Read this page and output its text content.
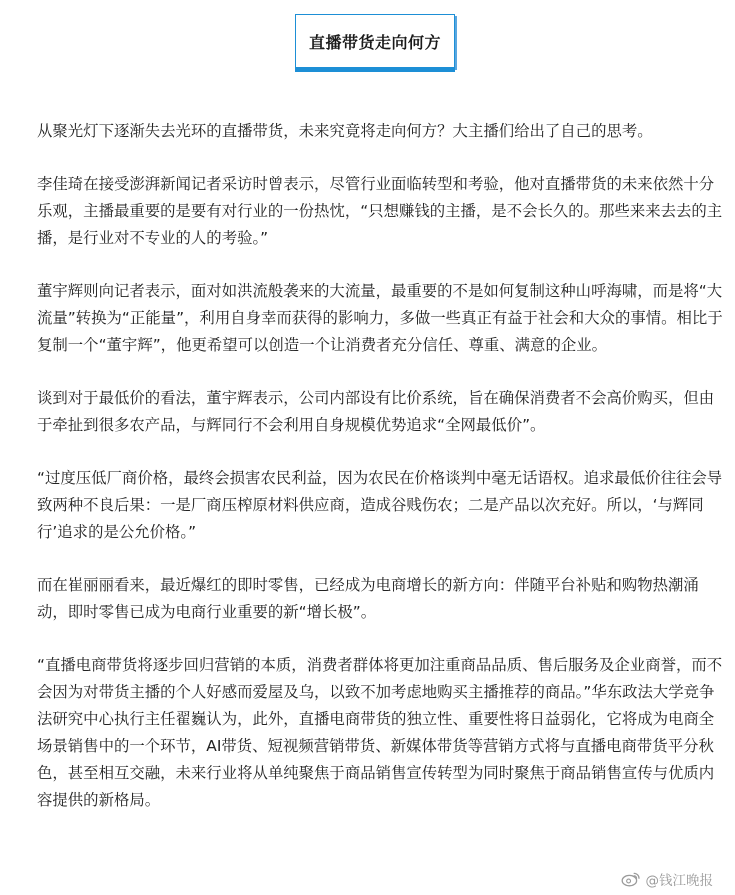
直播带货走向何方

从聚光灯下逐渐失去光环的直播带货，未来究竟将走向何方？大主播们给出了自己的思考。

李佳琦在接受澎湃新闻记者采访时曾表示，尽管行业面临转型和考验，他对直播带货的未来依然十分乐观，主播最重要的是要有对行业的一份热忱，“只想赚钱的主播，是不会长久的。那些来来去去的主播，是行业对不专业的人的考验。”

董宇辉则向记者表示，面对如洪流般袭来的大流量，最重要的不是如何复制这种山呼海啸，而是将“大流量”转换为“正能量”，利用自身幸而获得的影响力，多做一些真正有益于社会和大众的事情。相比于复制一个“董宇辉”，他更希望可以创造一个让消费者充分信任、尊重、满意的企业。

谈到对于最低价的看法，董宇辉表示，公司内部设有比价系统，旨在确保消费者不会高价购买，但由于牵扯到很多农产品，与辉同行不会利用自身规模优势追求“全网最低价”。

“过度压低厂商价格，最终会损害农民利益，因为农民在价格谈判中毫无话语权。追求最低价往往会导致两种不良后果：一是厂商压榨原材料供应商，造成谷贱伤农；二是产品以次充好。所以，‘与辉同行’追求的是公允价格。”

而在崔丽丽看来，最近爆红的即时零售，已经成为电商增长的新方向：伴随平台补贴和购物热潮涌动，即时零售已成为电商行业重要的新“增长极”。

“直播电商带货将逐步回归营销的本质，消费者群体将更加注重商品品质、售后服务及企业商誉，而不会因为对带货主播的个人好感而爱屋及乌，以致不加考虑地购买主播推荐的商品。”华东政法大学竞争法研究中心执行主任翟巍认为，此外，直播电商带货的独立性、重要性将日益弱化，它将成为电商全场景销售中的一个环节，AI带货、短视频营销带货、新媒体带货等营销方式将与直播电商带货平分秋色，甚至相互交融，未来行业将从单纯聚焦于商品销售宣传转型为同时聚焦于商品销售宣传与优质内容提供的新格局。

@钱江晚报
